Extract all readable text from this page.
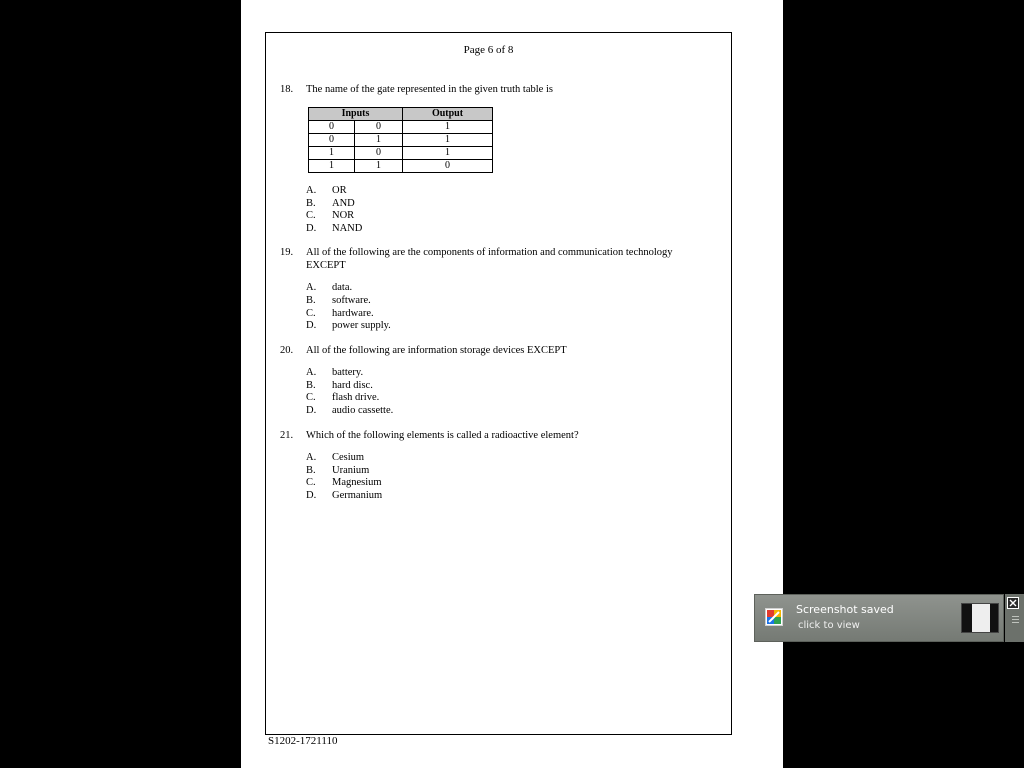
Page 6 of 8
18. The name of the gate represented in the given truth table is
Inputs		Output
0	0	1
0	1	1
1	0	1
1	1	0
A. OR
B. AND
C. NOR
D. NAND
19. All of the following are the components of information and communication technology EXCEPT
A. data.
B. software.
C. hardware.
D. power supply.
20. All of the following are information storage devices EXCEPT
A. battery.
B. hard disc.
C. flash drive.
D. audio cassette.
21. Which of the following elements is called a radioactive element?
A. Cesium
B. Uranium
C. Magnesium
D. Germanium
S1202-1721110
Screenshot saved
click to view
